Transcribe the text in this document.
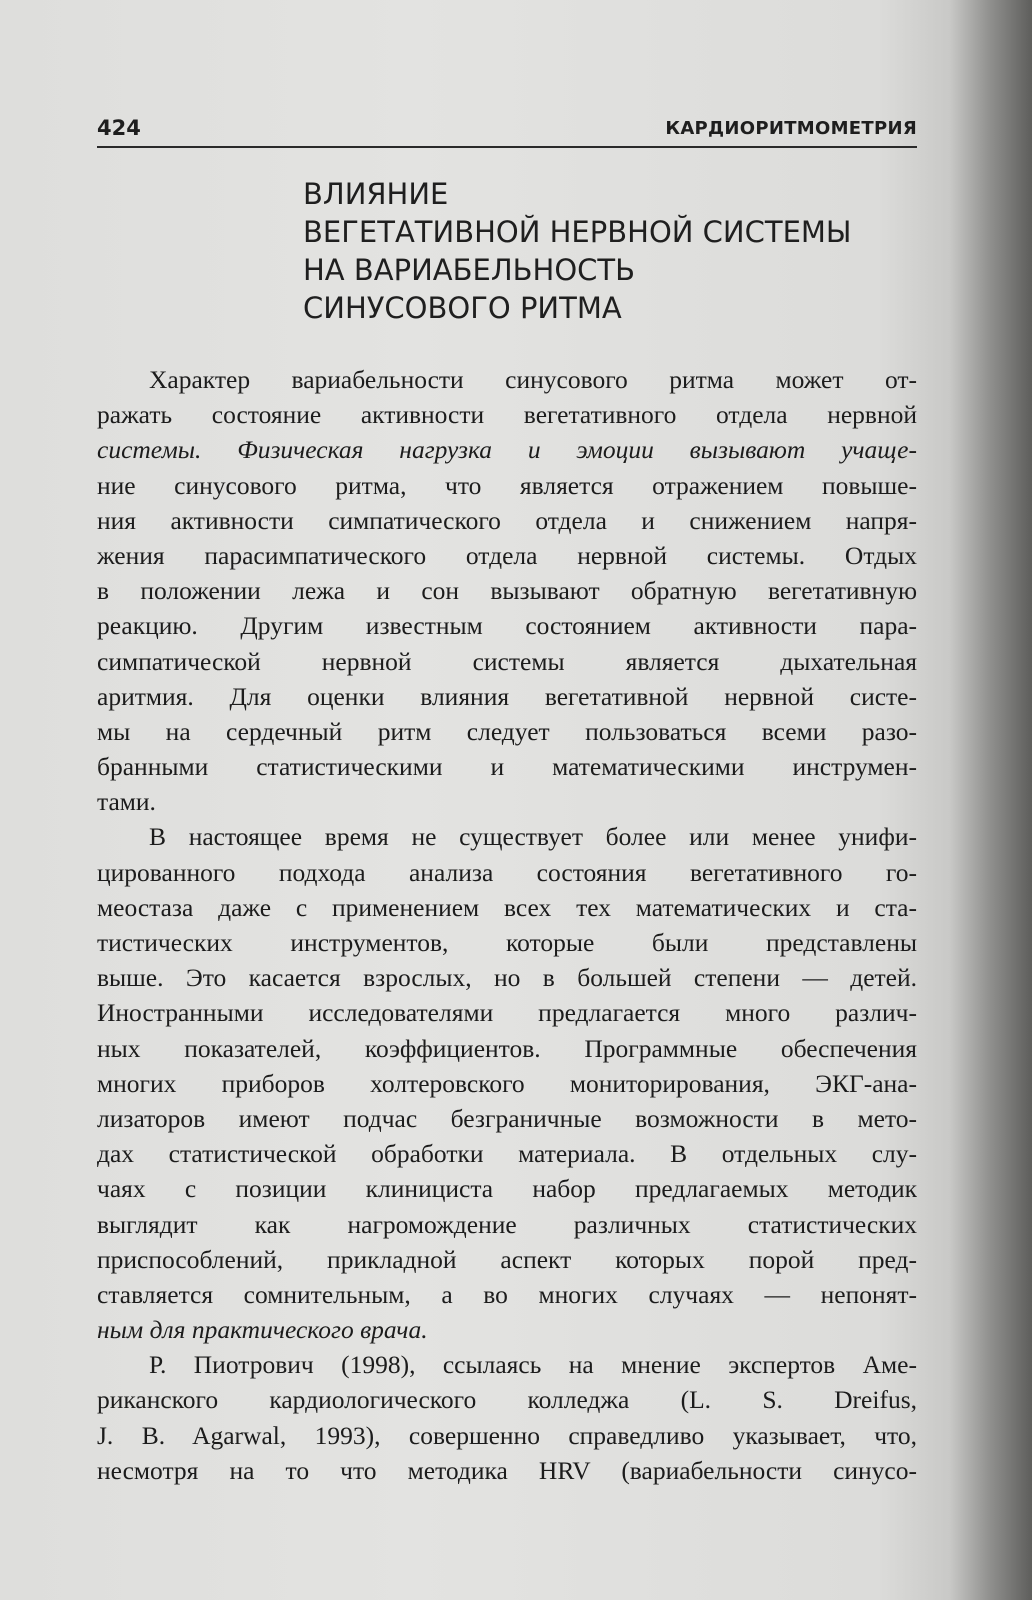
424	КАРДИОРИТМОМЕТРИЯ
ВЛИЯНИЕ
ВЕГЕТАТИВНОЙ НЕРВНОЙ СИСТЕМЫ
НА ВАРИАБЕЛЬНОСТЬ
СИНУСОВОГО РИТМА
Характер вариабельности синусового ритма может от-
ражать состояние активности вегетативного отдела нервной
системы. Физическая нагрузка и эмоции вызывают учаще-
ние синусового ритма, что является отражением повыше-
ния активности симпатического отдела и снижением напря-
жения парасимпатического отдела нервной системы. Отдых
в положении лежа и сон вызывают обратную вегетативную
реакцию. Другим известным состоянием активности пара-
симпатической нервной системы является дыхательная
аритмия. Для оценки влияния вегетативной нервной систе-
мы на сердечный ритм следует пользоваться всеми разо-
бранными статистическими и математическими инструмен-
тами.
В настоящее время не существует более или менее унифи-
цированного подхода анализа состояния вегетативного го-
меостаза даже с применением всех тех математических и ста-
тистических инструментов, которые были представлены
выше. Это касается взрослых, но в большей степени — детей.
Иностранными исследователями предлагается много различ-
ных показателей, коэффициентов. Программные обеспечения
многих приборов холтеровского мониторирования, ЭКГ-ана-
лизаторов имеют подчас безграничные возможности в мето-
дах статистической обработки материала. В отдельных слу-
чаях с позиции клинициста набор предлагаемых методик
выглядит как нагромождение различных статистических
приспособлений, прикладной аспект которых порой пред-
ставляется сомнительным, а во многих случаях — непонят-
ным для практического врача.
Р. Пиотрович (1998), ссылаясь на мнение экспертов Аме-
риканского кардиологического колледжа (L. S. Dreifus,
J. B. Agarwal, 1993), совершенно справедливо указывает, что,
несмотря на то что методика HRV (вариабельности синусо-
